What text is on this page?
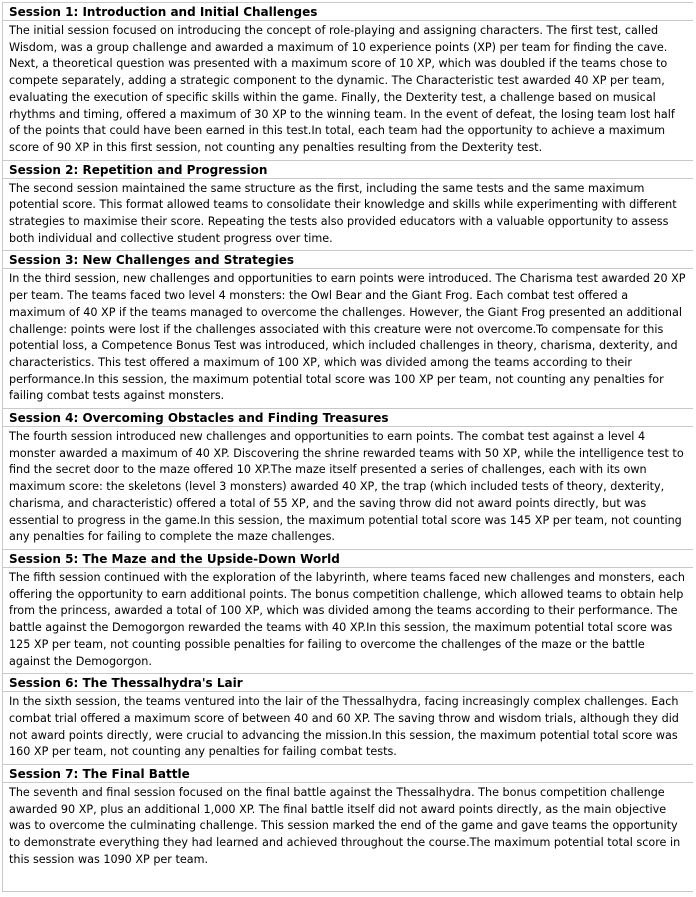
Session 1: Introduction and Initial Challenges
The initial session focused on introducing the concept of role-playing and assigning characters. The first test, called Wisdom, was a group challenge and awarded a maximum of 10 experience points (XP) per team for finding the cave. Next, a theoretical question was presented with a maximum score of 10 XP, which was doubled if the teams chose to compete separately, adding a strategic component to the dynamic. The Characteristic test awarded 40 XP per team, evaluating the execution of specific skills within the game. Finally, the Dexterity test, a challenge based on musical rhythms and timing, offered a maximum of 30 XP to the winning team. In the event of defeat, the losing team lost half of the points that could have been earned in this test.In total, each team had the opportunity to achieve a maximum score of 90 XP in this first session, not counting any penalties resulting from the Dexterity test.
Session 2: Repetition and Progression
The second session maintained the same structure as the first, including the same tests and the same maximum potential score. This format allowed teams to consolidate their knowledge and skills while experimenting with different strategies to maximise their score. Repeating the tests also provided educators with a valuable opportunity to assess both individual and collective student progress over time.
Session 3: New Challenges and Strategies
In the third session, new challenges and opportunities to earn points were introduced. The Charisma test awarded 20 XP per team. The teams faced two level 4 monsters: the Owl Bear and the Giant Frog. Each combat test offered a maximum of 40 XP if the teams managed to overcome the challenges. However, the Giant Frog presented an additional challenge: points were lost if the challenges associated with this creature were not overcome.To compensate for this potential loss, a Competence Bonus Test was introduced, which included challenges in theory, charisma, dexterity, and characteristics. This test offered a maximum of 100 XP, which was divided among the teams according to their performance.In this session, the maximum potential total score was 100 XP per team, not counting any penalties for failing combat tests against monsters.
Session 4: Overcoming Obstacles and Finding Treasures
The fourth session introduced new challenges and opportunities to earn points. The combat test against a level 4 monster awarded a maximum of 40 XP. Discovering the shrine rewarded teams with 50 XP, while the intelligence test to find the secret door to the maze offered 10 XP.The maze itself presented a series of challenges, each with its own maximum score: the skeletons (level 3 monsters) awarded 40 XP, the trap (which included tests of theory, dexterity, charisma, and characteristic) offered a total of 55 XP, and the saving throw did not award points directly, but was essential to progress in the game.In this session, the maximum potential total score was 145 XP per team, not counting any penalties for failing to complete the maze challenges.
Session 5: The Maze and the Upside-Down World
The fifth session continued with the exploration of the labyrinth, where teams faced new challenges and monsters, each offering the opportunity to earn additional points. The bonus competition challenge, which allowed teams to obtain help from the princess, awarded a total of 100 XP, which was divided among the teams according to their performance. The battle against the Demogorgon rewarded the teams with 40 XP.In this session, the maximum potential total score was 125 XP per team, not counting possible penalties for failing to overcome the challenges of the maze or the battle against the Demogorgon.
Session 6: The Thessalhydra's Lair
In the sixth session, the teams ventured into the lair of the Thessalhydra, facing increasingly complex challenges. Each combat trial offered a maximum score of between 40 and 60 XP. The saving throw and wisdom trials, although they did not award points directly, were crucial to advancing the mission.In this session, the maximum potential total score was 160 XP per team, not counting any penalties for failing combat tests.
Session 7: The Final Battle
The seventh and final session focused on the final battle against the Thessalhydra. The bonus competition challenge awarded 90 XP, plus an additional 1,000 XP. The final battle itself did not award points directly, as the main objective was to overcome the culminating challenge. This session marked the end of the game and gave teams the opportunity to demonstrate everything they had learned and achieved throughout the course.The maximum potential total score in this session was 1090 XP per team.
